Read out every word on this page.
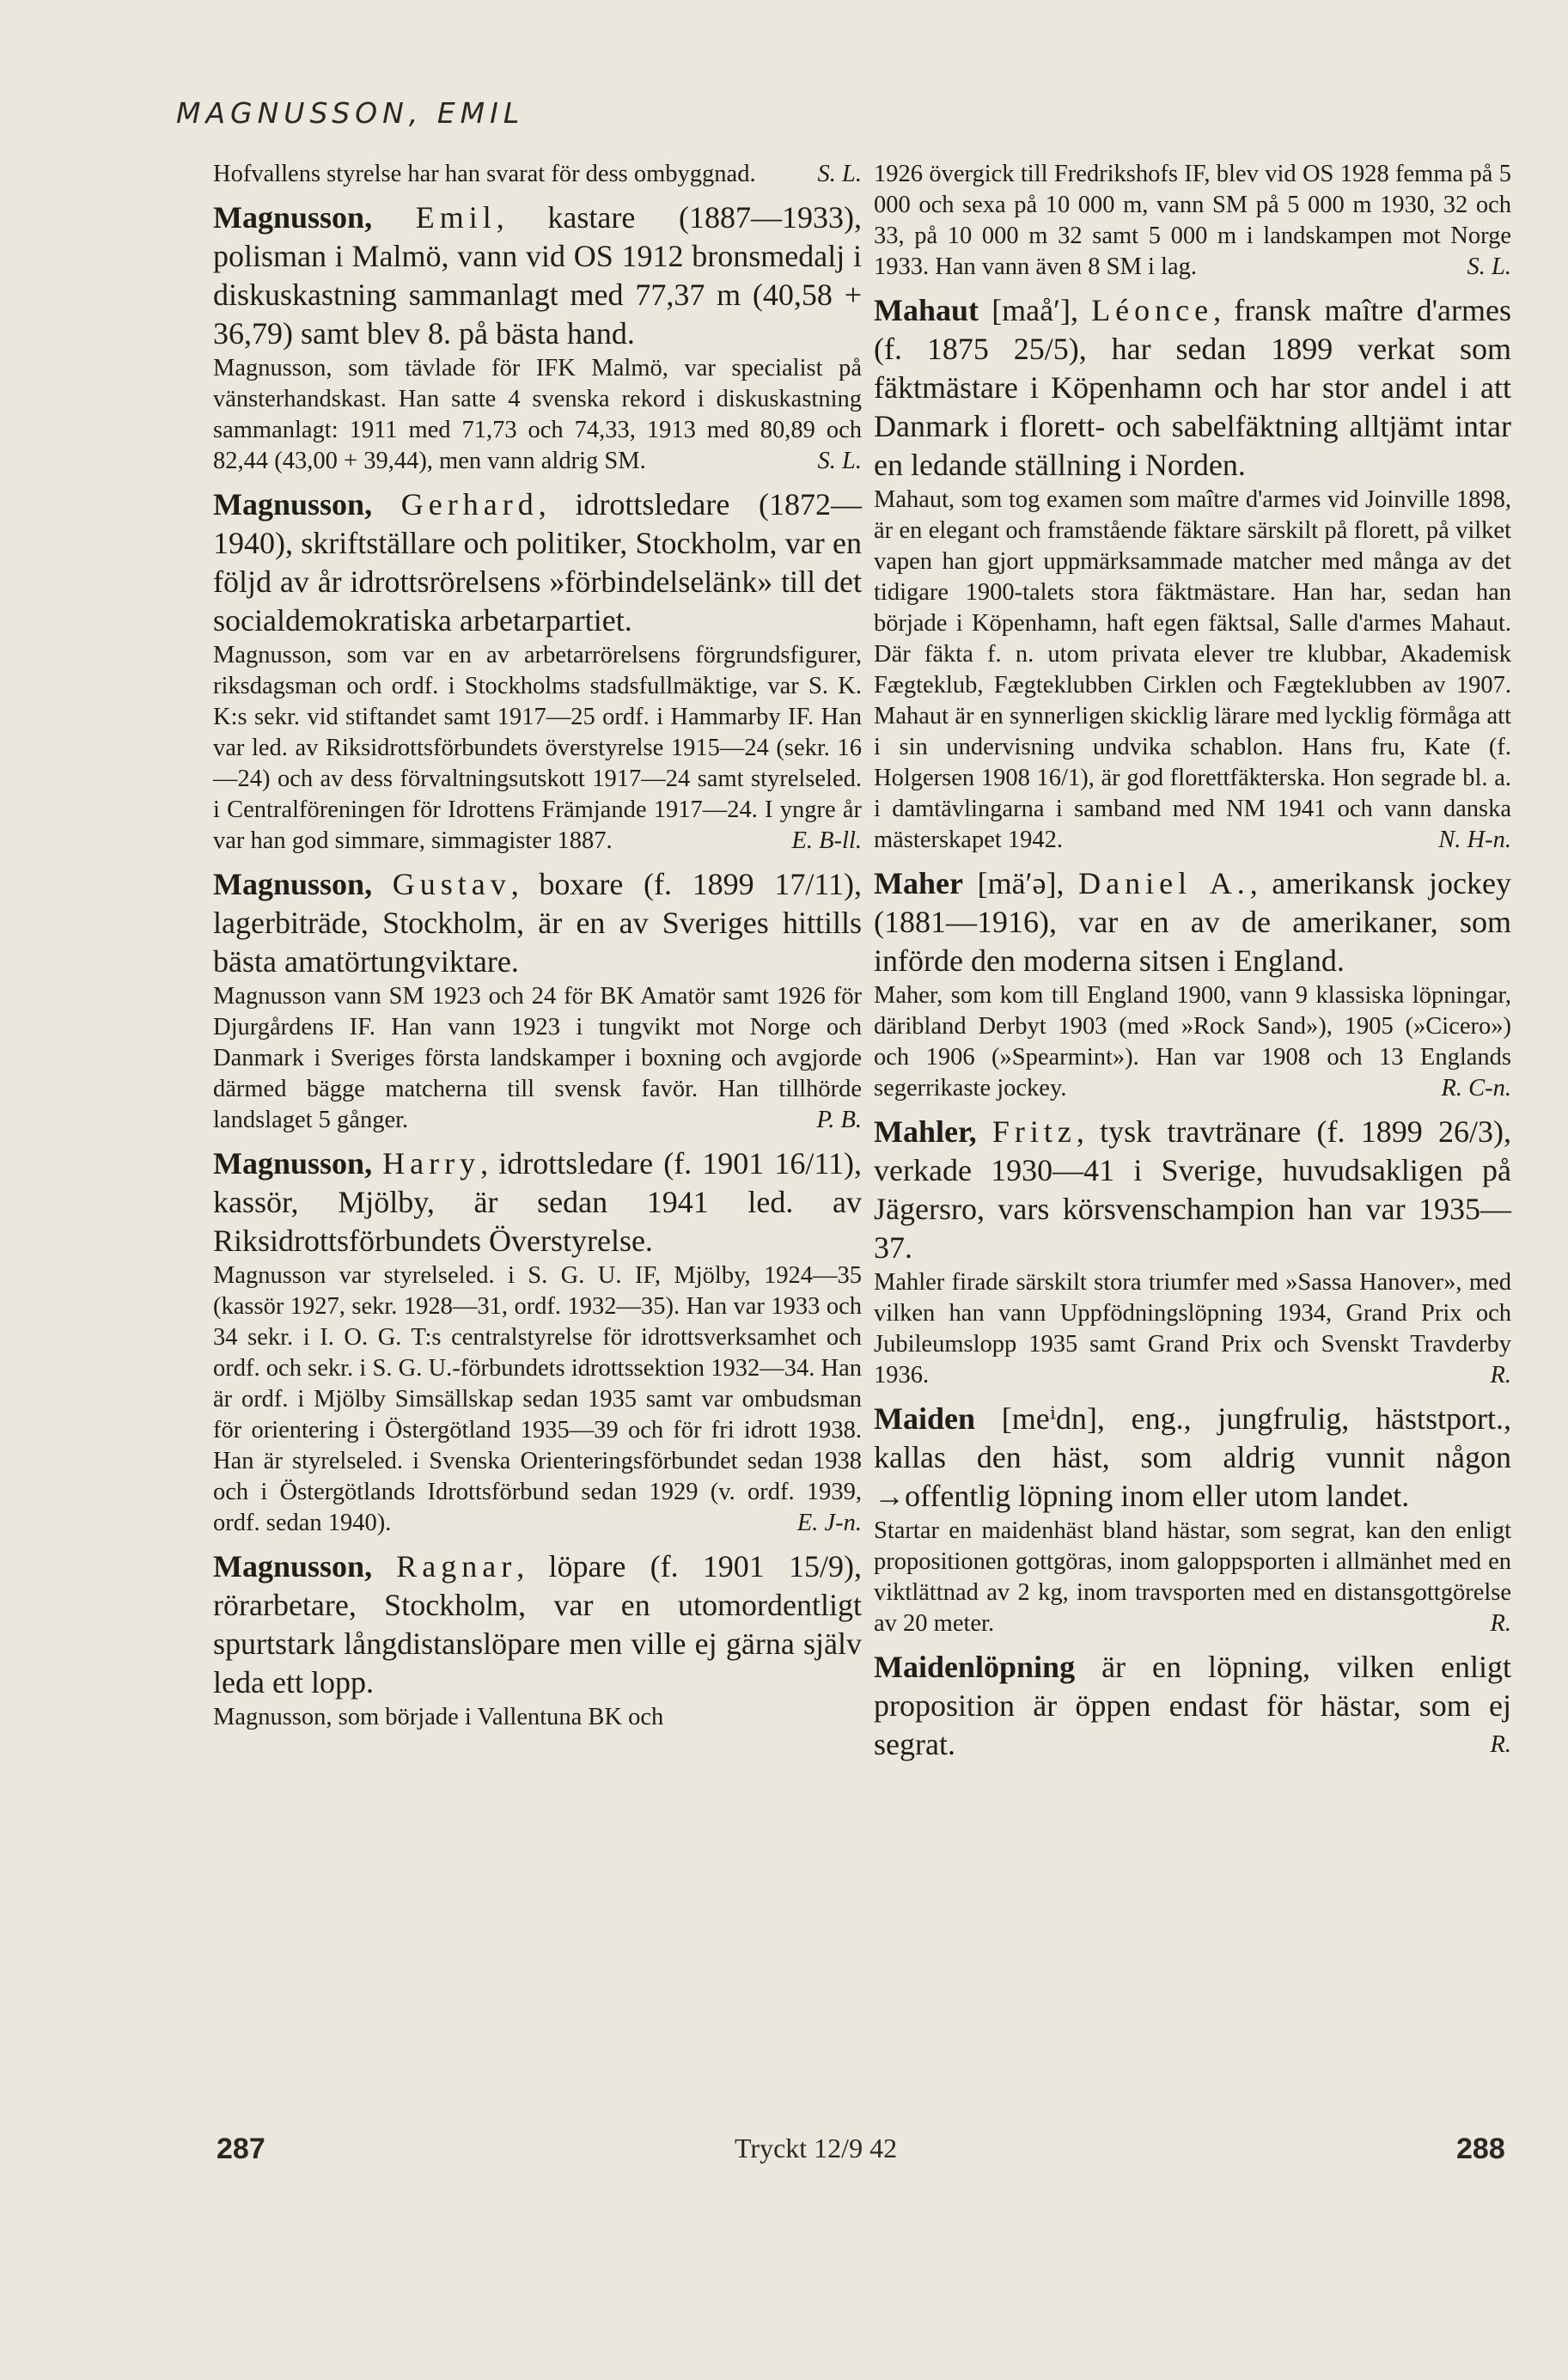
MAGNUSSON, EMIL

S. L.
Hofvallens styrelse har han svarat för dess ombyggnad.

Magnusson, Emil, kastare (1887—1933), polisman i Malmö, vann vid OS 1912 bronsmedalj i diskuskastning sammanlagt med 77,37 m (40,58 + 36,79) samt blev 8. på bästa hand.

Magnusson, som tävlade för IFK Malmö, var specialist på vänsterhandskast. Han satte 4 svenska rekord i diskuskastning sammanlagt: 1911 med 71,73 och 74,33, 1913 med 80,89 och 82,44 (43,00 + 39,44), men vann aldrig SM.	S. L.

Magnusson, Gerhard, idrottsledare (1872—1940), skriftställare och politiker, Stockholm, var en följd av år idrottsrörelsens »förbindelselänk» till det socialdemokratiska arbetarpartiet.

Magnusson, som var en av arbetarrörelsens förgrundsfigurer, riksdagsman och ordf. i Stockholms stadsfullmäktige, var S. K. K:s sekr. vid stiftandet samt 1917—25 ordf. i Hammarby IF. Han var led. av Riksidrottsförbundets överstyrelse 1915—24 (sekr. 16—24) och av dess förvaltningsutskott 1917—24 samt styrelseled. i Centralföreningen för Idrottens Främjande 1917—24. I yngre år var han god simmare, simmagister 1887.	E. B-ll.

Magnusson, Gustav, boxare (f. 1899 17/11), lagerbiträde, Stockholm, är en av Sveriges hittills bästa amatörtungviktare.

Magnusson vann SM 1923 och 24 för BK Amatör samt 1926 för Djurgårdens IF. Han vann 1923 i tungvikt mot Norge och Danmark i Sveriges första landskamper i boxning och avgjorde därmed bägge matcherna till svensk favör. Han tillhörde landslaget 5 gånger.	P. B.

Magnusson, Harry, idrottsledare (f. 1901 16/11), kassör, Mjölby, är sedan 1941 led. av Riksidrottsförbundets Överstyrelse.

Magnusson var styrelseled. i S. G. U. IF, Mjölby, 1924—35 (kassör 1927, sekr. 1928—31, ordf. 1932—35). Han var 1933 och 34 sekr. i I. O. G. T:s centralstyrelse för idrottsverksamhet och ordf. och sekr. i S. G. U.-förbundets idrottssektion 1932—34. Han är ordf. i Mjölby Simsällskap sedan 1935 samt var ombudsman för orientering i Östergötland 1935—39 och för fri idrott 1938. Han är styrelseled. i Svenska Orienteringsförbundet sedan 1938 och i Östergötlands Idrottsförbund sedan 1929 (v. ordf. 1939, ordf. sedan 1940).	E. J-n.

Magnusson, Ragnar, löpare (f. 1901 15/9), rörarbetare, Stockholm, var en utomordentligt spurtstark långdistanslöpare men ville ej gärna själv leda ett lopp.

Magnusson, som började i Vallentuna BK och

1926 övergick till Fredrikshofs IF, blev vid OS 1928 femma på 5 000 och sexa på 10 000 m, vann SM på 5 000 m 1930, 32 och 33, på 10 000 m 32 samt 5 000 m i landskampen mot Norge 1933. Han vann även 8 SM i lag.	S. L.

Mahaut [maå′], Léonce, fransk maître d'armes (f. 1875 25/5), har sedan 1899 verkat som fäktmästare i Köpenhamn och har stor andel i att Danmark i florett- och sabelfäktning alltjämt intar en ledande ställning i Norden.

Mahaut, som tog examen som maître d'armes vid Joinville 1898, är en elegant och framstående fäktare särskilt på florett, på vilket vapen han gjort uppmärksammade matcher med många av det tidigare 1900-talets stora fäktmästare. Han har, sedan han började i Köpenhamn, haft egen fäktsal, Salle d'armes Mahaut. Där fäkta f. n. utom privata elever tre klubbar, Akademisk Fægteklub, Fægteklubben Cirklen och Fægteklubben av 1907. Mahaut är en synnerligen skicklig lärare med lycklig förmåga att i sin undervisning undvika schablon. Hans fru, Kate (f. Holgersen 1908 16/1), är god florettfäkterska. Hon segrade bl. a. i damtävlingarna i samband med NM 1941 och vann danska mästerskapet 1942.	N. H-n.

Maher [mä′ə], Daniel A., amerikansk jockey (1881—1916), var en av de amerikaner, som införde den moderna sitsen i England.

Maher, som kom till England 1900, vann 9 klassiska löpningar, däribland Derbyt 1903 (med »Rock Sand»), 1905 (»Cicero») och 1906 (»Spearmint»). Han var 1908 och 13 Englands segerrikaste jockey.	R. C-n.

Mahler, Fritz, tysk travtränare (f. 1899 26/3), verkade 1930—41 i Sverige, huvudsakligen på Jägersro, vars körsvenschampion han var 1935—37.

Mahler firade särskilt stora triumfer med »Sassa Hanover», med vilken han vann Uppfödningslöpning 1934, Grand Prix och Jubileumslopp 1935 samt Grand Prix och Svenskt Travderby 1936.	R.

Maiden [meⁱdn], eng., jungfrulig, häststport., kallas den häst, som aldrig vunnit någon →offentlig löpning inom eller utom landet.

Startar en maidenhäst bland hästar, som segrat, kan den enligt propositionen gottgöras, inom galoppsporten i allmänhet med en viktlättnad av 2 kg, inom travsporten med en distansgottgörelse av 20 meter.	R.

Maidenlöpning är en löpning, vilken enligt proposition är öppen endast för hästar, som ej segrat.	R.

287	Tryckt 12/9 42	288
